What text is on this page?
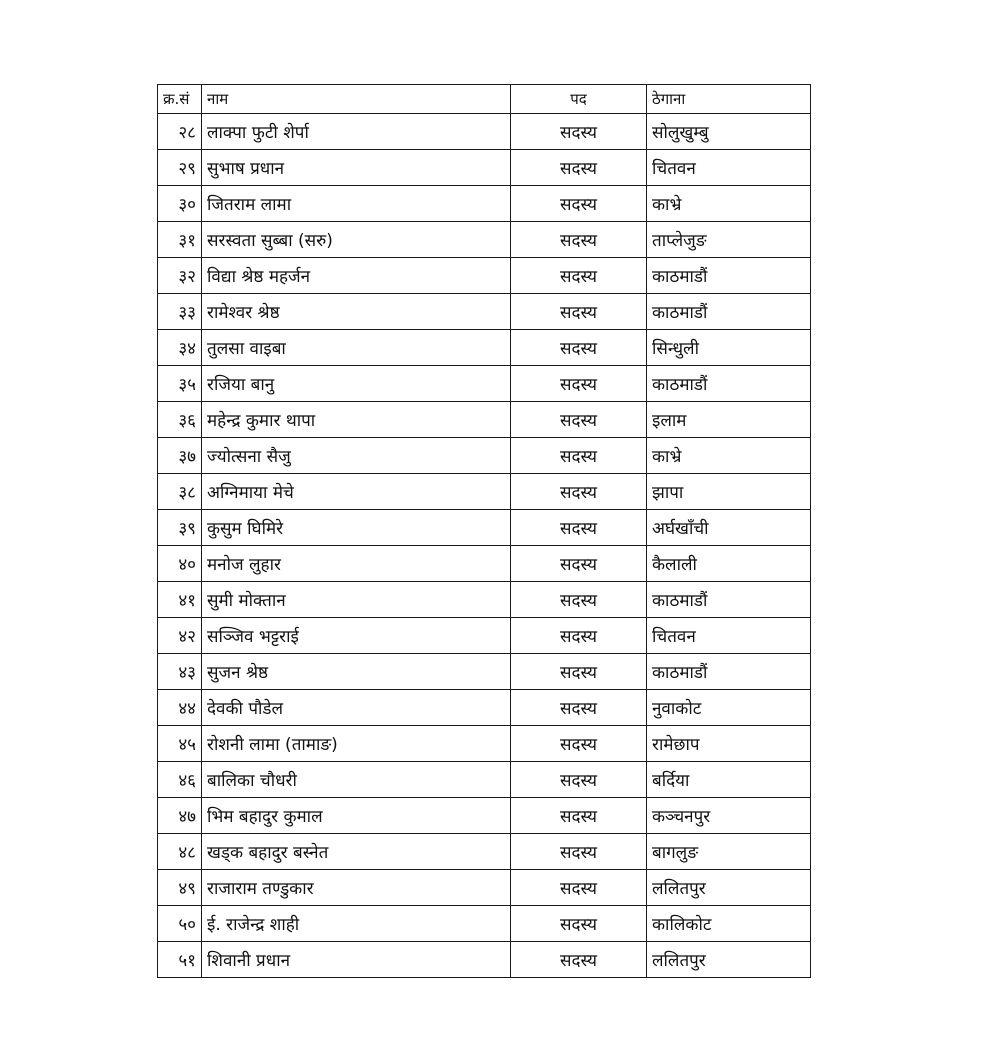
क्र.सं	नाम	पद	ठेगाना
२८	लाक्पा फुटी शेर्पा	सदस्य	सोलुखुम्बु
२९	सुभाष प्रधान	सदस्य	चितवन
३०	जितराम लामा	सदस्य	काभ्रे
३१	सरस्वता सुब्बा (सरु)	सदस्य	ताप्लेजुङ
३२	विद्या श्रेष्ठ महर्जन	सदस्य	काठमाडौं
३३	रामेश्वर श्रेष्ठ	सदस्य	काठमाडौं
३४	तुलसा वाइबा	सदस्य	सिन्धुली
३५	रजिया बानु	सदस्य	काठमाडौं
३६	महेन्द्र कुमार थापा	सदस्य	इलाम
३७	ज्योत्सना सैजु	सदस्य	काभ्रे
३८	अग्निमाया मेचे	सदस्य	झापा
३९	कुसुम घिमिरे	सदस्य	अर्घखाँची
४०	मनोज लुहार	सदस्य	कैलाली
४१	सुमी मोक्तान	सदस्य	काठमाडौं
४२	सञ्जिव भट्टराई	सदस्य	चितवन
४३	सुजन श्रेष्ठ	सदस्य	काठमाडौं
४४	देवकी पौडेल	सदस्य	नुवाकोट
४५	रोशनी लामा (तामाङ)	सदस्य	रामेछाप
४६	बालिका चौधरी	सदस्य	बर्दिया
४७	भिम बहादुर कुमाल	सदस्य	कञ्चनपुर
४८	खड्क बहादुर बस्नेत	सदस्य	बागलुङ
४९	राजाराम तण्डुकार	सदस्य	ललितपुर
५०	ई. राजेन्द्र शाही	सदस्य	कालिकोट
५१	शिवानी प्रधान	सदस्य	ललितपुर
